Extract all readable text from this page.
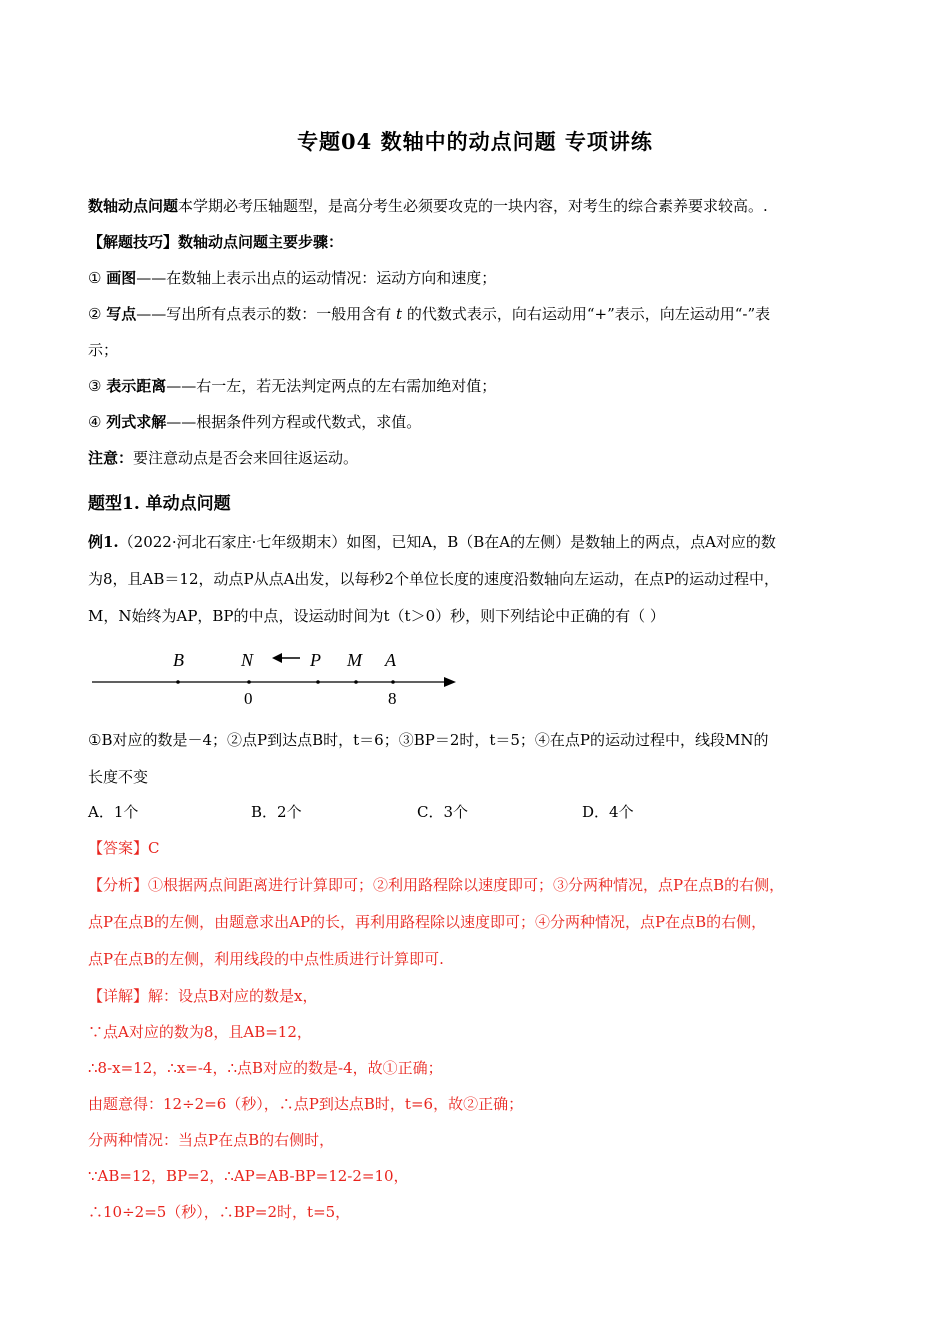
专题04 数轴中的动点问题 专项讲练
数轴动点问题本学期必考压轴题型，是高分考生必须要攻克的一块内容，对考生的综合素养要求较高。.
【解题技巧】数轴动点问题主要步骤：
① 画图——在数轴上表示出点的运动情况：运动方向和速度；
② 写点——写出所有点表示的数：一般用含有 t 的代数式表示，向右运动用“+”表示，向左运动用“-”表
示；
③ 表示距离——右一左，若无法判定两点的左右需加绝对值；
④ 列式求解——根据条件列方程或代数式，求值。
注意：要注意动点是否会来回往返运动。
题型1. 单动点问题
例1.（2022·河北石家庄·七年级期末）如图，已知A，B（B在A的左侧）是数轴上的两点，点A对应的数
为8，且AB＝12，动点P从点A出发，以每秒2个单位长度的速度沿数轴向左运动，在点P的运动过程中，
M，N始终为AP，BP的中点，设运动时间为t（t＞0）秒，则下列结论中正确的有（ ）
B	N	P M A
0	8
①B对应的数是－4；②点P到达点B时，t＝6；③BP＝2时，t＝5；④在点P的运动过程中，线段MN的
长度不变
A．1个	B．2个	C．3个	D．4个
【答案】C
【分析】①根据两点间距离进行计算即可；②利用路程除以速度即可；③分两种情况，点P在点B的右侧，
点P在点B的左侧，由题意求出AP的长，再利用路程除以速度即可；④分两种情况，点P在点B的右侧，
点P在点B的左侧，利用线段的中点性质进行计算即可.
【详解】解：设点B对应的数是x，
∵点A对应的数为8，且AB=12，
∴8-x=12，∴x=-4，∴点B对应的数是-4，故①正确；
由题意得：12÷2=6（秒），∴点P到达点B时，t=6，故②正确；
分两种情况：当点P在点B的右侧时，
∵AB=12，BP=2，∴AP=AB-BP=12-2=10，
∴10÷2=5（秒），∴BP=2时，t=5，
